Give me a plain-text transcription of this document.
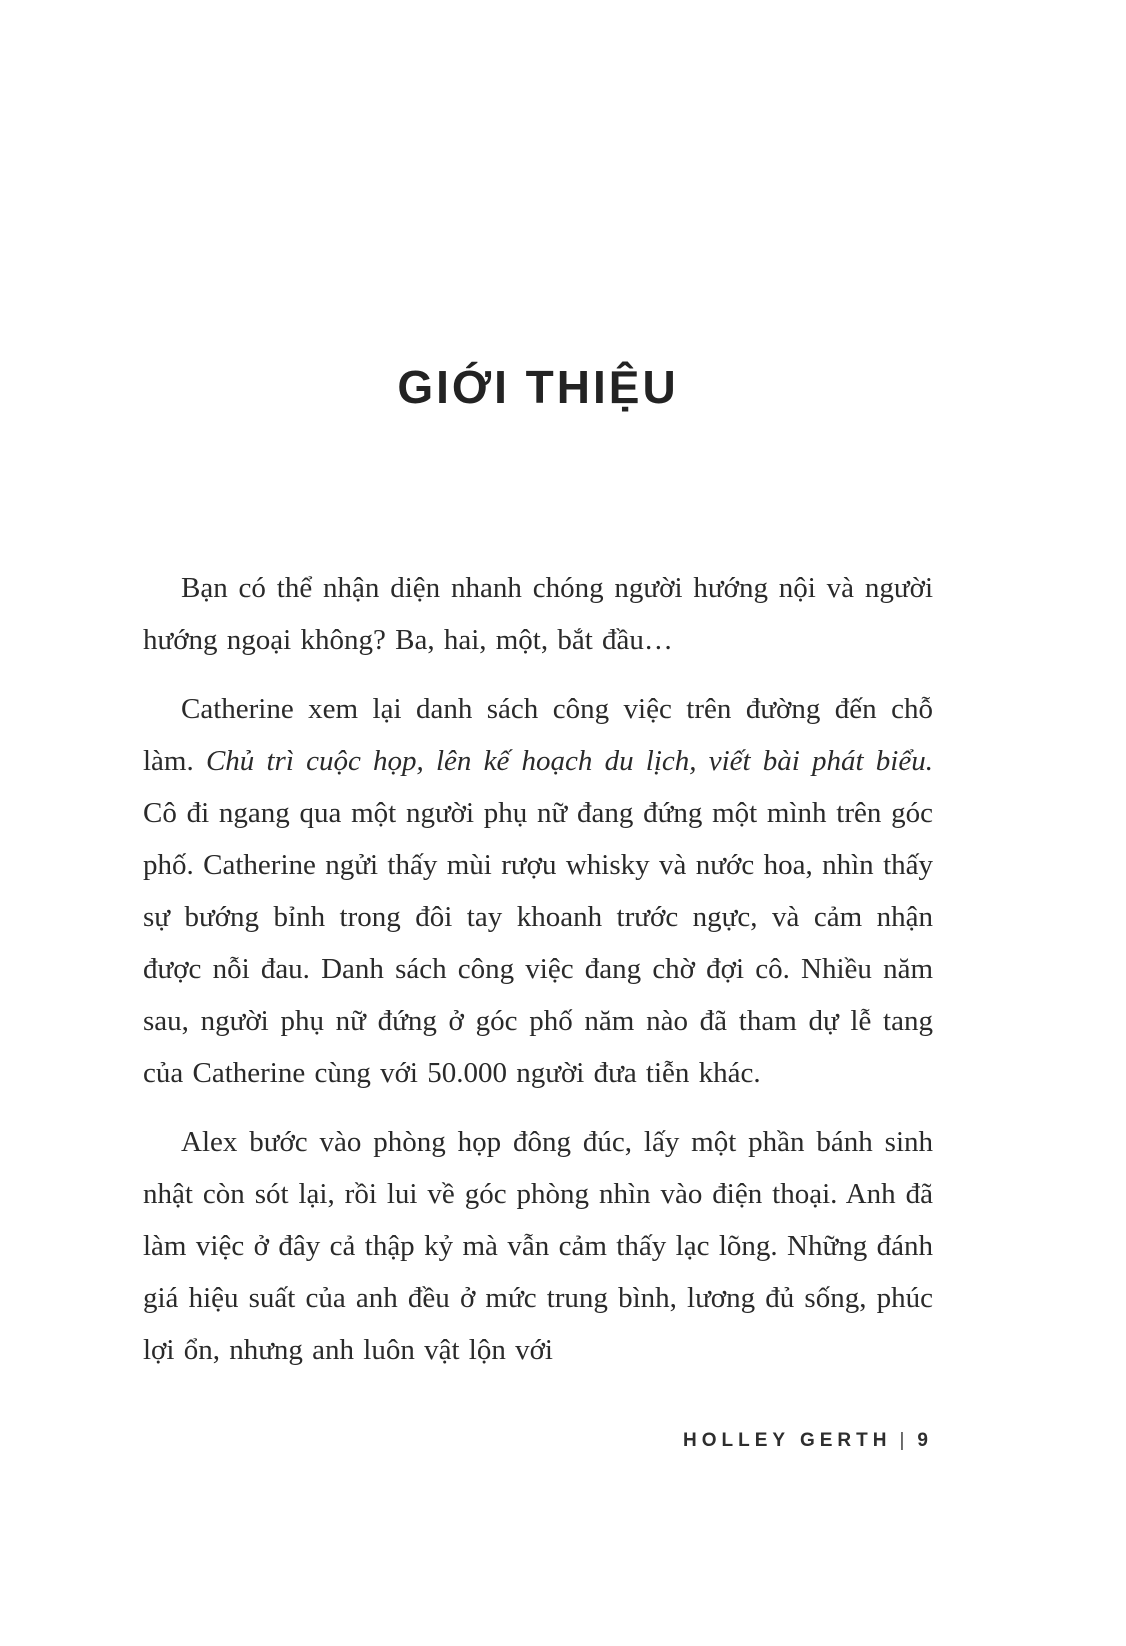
GIỚI THIỆU

Bạn có thể nhận diện nhanh chóng người hướng nội và người hướng ngoại không? Ba, hai, một, bắt đầu…

Catherine xem lại danh sách công việc trên đường đến chỗ làm. Chủ trì cuộc họp, lên kế hoạch du lịch, viết bài phát biểu. Cô đi ngang qua một người phụ nữ đang đứng một mình trên góc phố. Catherine ngửi thấy mùi rượu whisky và nước hoa, nhìn thấy sự bướng bỉnh trong đôi tay khoanh trước ngực, và cảm nhận được nỗi đau. Danh sách công việc đang chờ đợi cô. Nhiều năm sau, người phụ nữ đứng ở góc phố năm nào đã tham dự lễ tang của Catherine cùng với 50.000 người đưa tiễn khác.

Alex bước vào phòng họp đông đúc, lấy một phần bánh sinh nhật còn sót lại, rồi lui về góc phòng nhìn vào điện thoại. Anh đã làm việc ở đây cả thập kỷ mà vẫn cảm thấy lạc lõng. Những đánh giá hiệu suất của anh đều ở mức trung bình, lương đủ sống, phúc lợi ổn, nhưng anh luôn vật lộn với

HOLLEY GERTH | 9
